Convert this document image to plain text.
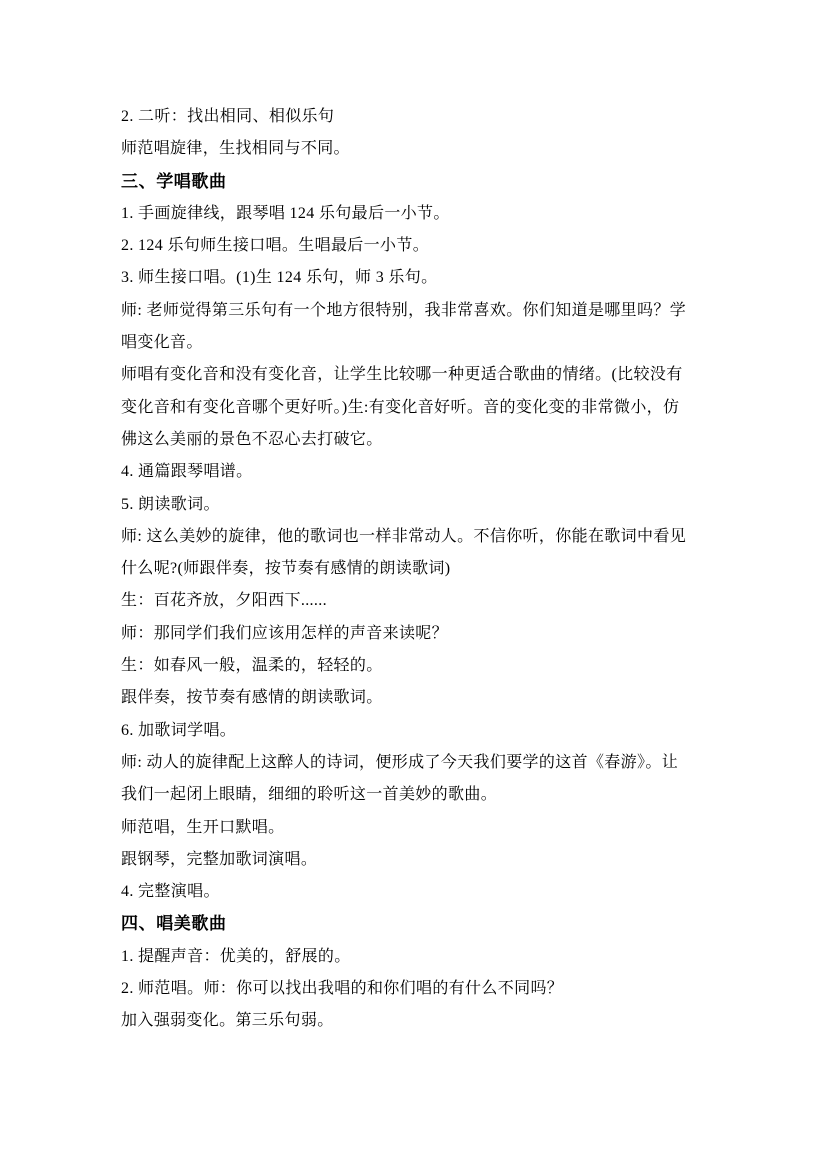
2. 二听：找出相同、相似乐句
师范唱旋律，生找相同与不同。
三、学唱歌曲
1. 手画旋律线，跟琴唱 124 乐句最后一小节。
2. 124 乐句师生接口唱。生唱最后一小节。
3. 师生接口唱。(1)生 124 乐句，师 3 乐句。
师: 老师觉得第三乐句有一个地方很特别，我非常喜欢。你们知道是哪里吗？学
唱变化音。
师唱有变化音和没有变化音，让学生比较哪一种更适合歌曲的情绪。(比较没有
变化音和有变化音哪个更好听。)生:有变化音好听。音的变化变的非常微小，仿
佛这么美丽的景色不忍心去打破它。
4. 通篇跟琴唱谱。
5. 朗读歌词。
师: 这么美妙的旋律，他的歌词也一样非常动人。不信你听，你能在歌词中看见
什么呢?(师跟伴奏，按节奏有感情的朗读歌词)
生：百花齐放，夕阳西下......
师：那同学们我们应该用怎样的声音来读呢？
生：如春风一般，温柔的，轻轻的。
跟伴奏，按节奏有感情的朗读歌词。
6. 加歌词学唱。
师: 动人的旋律配上这醉人的诗词，便形成了今天我们要学的这首《春游》。让
我们一起闭上眼睛，细细的聆听这一首美妙的歌曲。
师范唱，生开口默唱。
跟钢琴，完整加歌词演唱。
4. 完整演唱。
四、唱美歌曲
1. 提醒声音：优美的，舒展的。
2. 师范唱。师：你可以找出我唱的和你们唱的有什么不同吗？
加入强弱变化。第三乐句弱。
